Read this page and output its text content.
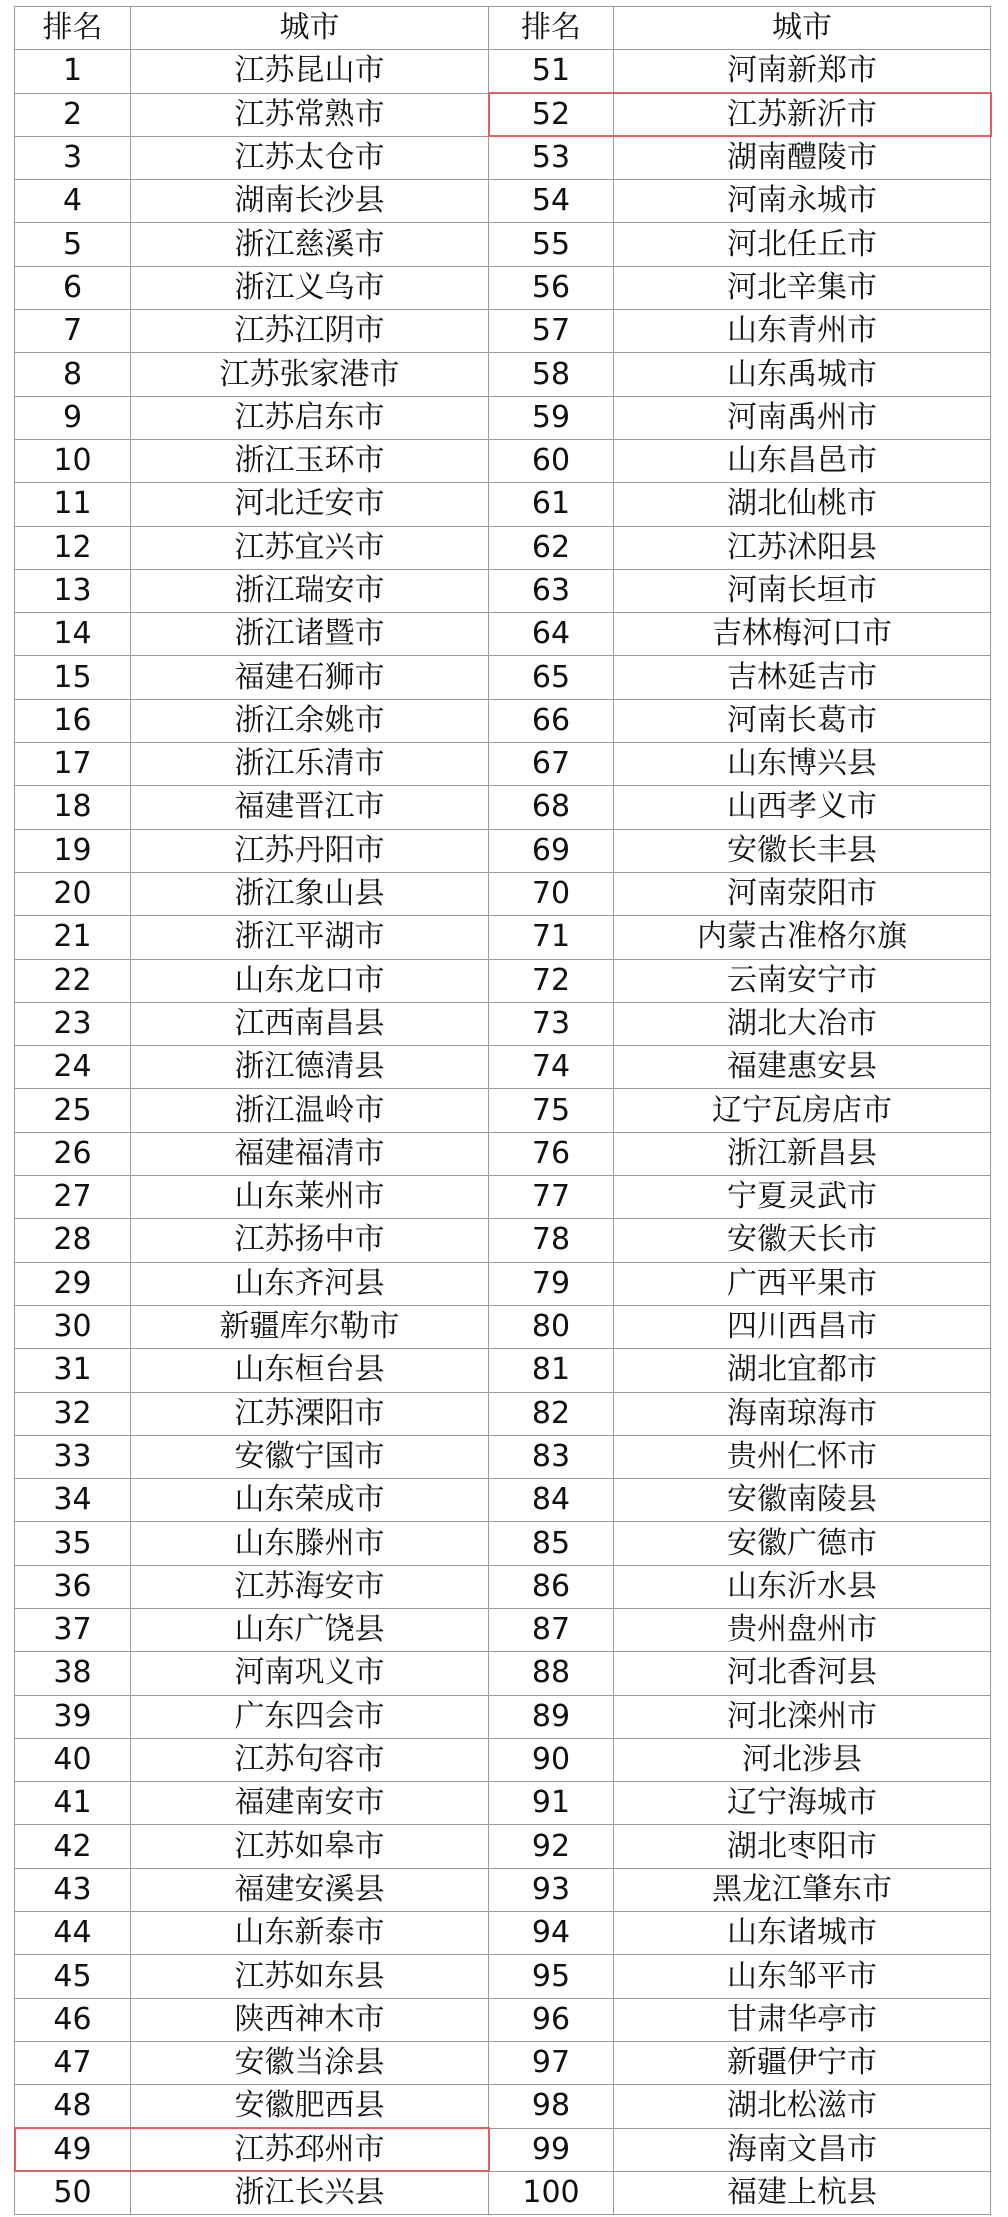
排名	城市	排名	城市
1	江苏昆山市	51	河南新郑市
2	江苏常熟市	52	江苏新沂市
3	江苏太仓市	53	湖南醴陵市
4	湖南长沙县	54	河南永城市
5	浙江慈溪市	55	河北任丘市
6	浙江义乌市	56	河北辛集市
7	江苏江阴市	57	山东青州市
8	江苏张家港市	58	山东禹城市
9	江苏启东市	59	河南禹州市
10	浙江玉环市	60	山东昌邑市
11	河北迁安市	61	湖北仙桃市
12	江苏宜兴市	62	江苏沭阳县
13	浙江瑞安市	63	河南长垣市
14	浙江诸暨市	64	吉林梅河口市
15	福建石狮市	65	吉林延吉市
16	浙江余姚市	66	河南长葛市
17	浙江乐清市	67	山东博兴县
18	福建晋江市	68	山西孝义市
19	江苏丹阳市	69	安徽长丰县
20	浙江象山县	70	河南荥阳市
21	浙江平湖市	71	内蒙古准格尔旗
22	山东龙口市	72	云南安宁市
23	江西南昌县	73	湖北大冶市
24	浙江德清县	74	福建惠安县
25	浙江温岭市	75	辽宁瓦房店市
26	福建福清市	76	浙江新昌县
27	山东莱州市	77	宁夏灵武市
28	江苏扬中市	78	安徽天长市
29	山东齐河县	79	广西平果市
30	新疆库尔勒市	80	四川西昌市
31	山东桓台县	81	湖北宜都市
32	江苏溧阳市	82	海南琼海市
33	安徽宁国市	83	贵州仁怀市
34	山东荣成市	84	安徽南陵县
35	山东滕州市	85	安徽广德市
36	江苏海安市	86	山东沂水县
37	山东广饶县	87	贵州盘州市
38	河南巩义市	88	河北香河县
39	广东四会市	89	河北滦州市
40	江苏句容市	90	河北涉县
41	福建南安市	91	辽宁海城市
42	江苏如皋市	92	湖北枣阳市
43	福建安溪县	93	黑龙江肇东市
44	山东新泰市	94	山东诸城市
45	江苏如东县	95	山东邹平市
46	陕西神木市	96	甘肃华亭市
47	安徽当涂县	97	新疆伊宁市
48	安徽肥西县	98	湖北松滋市
49	江苏邳州市	99	海南文昌市
50	浙江长兴县	100	福建上杭县
